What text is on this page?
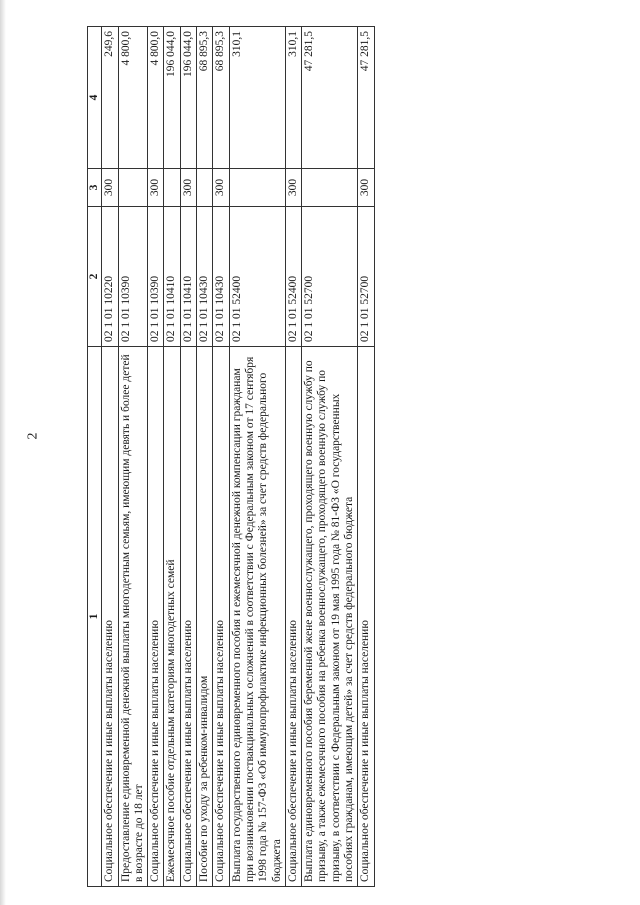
2
1	2	3	4
Социальное обеспечение и иные выплаты населению	02 1 01 10220	300	249,6
Предоставление единовременной денежной выплаты многодетным семьям, имеющим девять и более детей в возрасте до 18 лет	02 1 01 10390		4 800,0
Социальное обеспечение и иные выплаты населению	02 1 01 10390	300	4 800,0
Ежемесячное пособие отдельным категориям многодетных семей	02 1 01 10410		196 044,0
Социальное обеспечение и иные выплаты населению	02 1 01 10410	300	196 044,0
Пособие по уходу за ребенком-инвалидом	02 1 01 10430		68 895,3
Социальное обеспечение и иные выплаты населению	02 1 01 10430	300	68 895,3
Выплата государственного единовременного пособия и ежемесячной денежной компенсации гражданам при возникновении поствакцинальных осложнений в соответствии с Федеральным законом от 17 сентября 1998 года № 157-ФЗ «Об иммунопрофилактике инфекционных болезней» за счет средств федерального бюджета	02 1 01 52400		310,1
Социальное обеспечение и иные выплаты населению	02 1 01 52400	300	310,1
Выплата единовременного пособия беременной жене военнослужащего, проходящего военную службу по призыву, а также ежемесячного пособия на ребенка военнослужащего, проходящего военную службу по призыву, в соответствии с Федеральным законом от 19 мая 1995 года № 81-ФЗ «О государственных пособиях гражданам, имеющим детей» за счет средств федерального бюджета	02 1 01 52700		47 281,5
Социальное обеспечение и иные выплаты населению	02 1 01 52700	300	47 281,5
